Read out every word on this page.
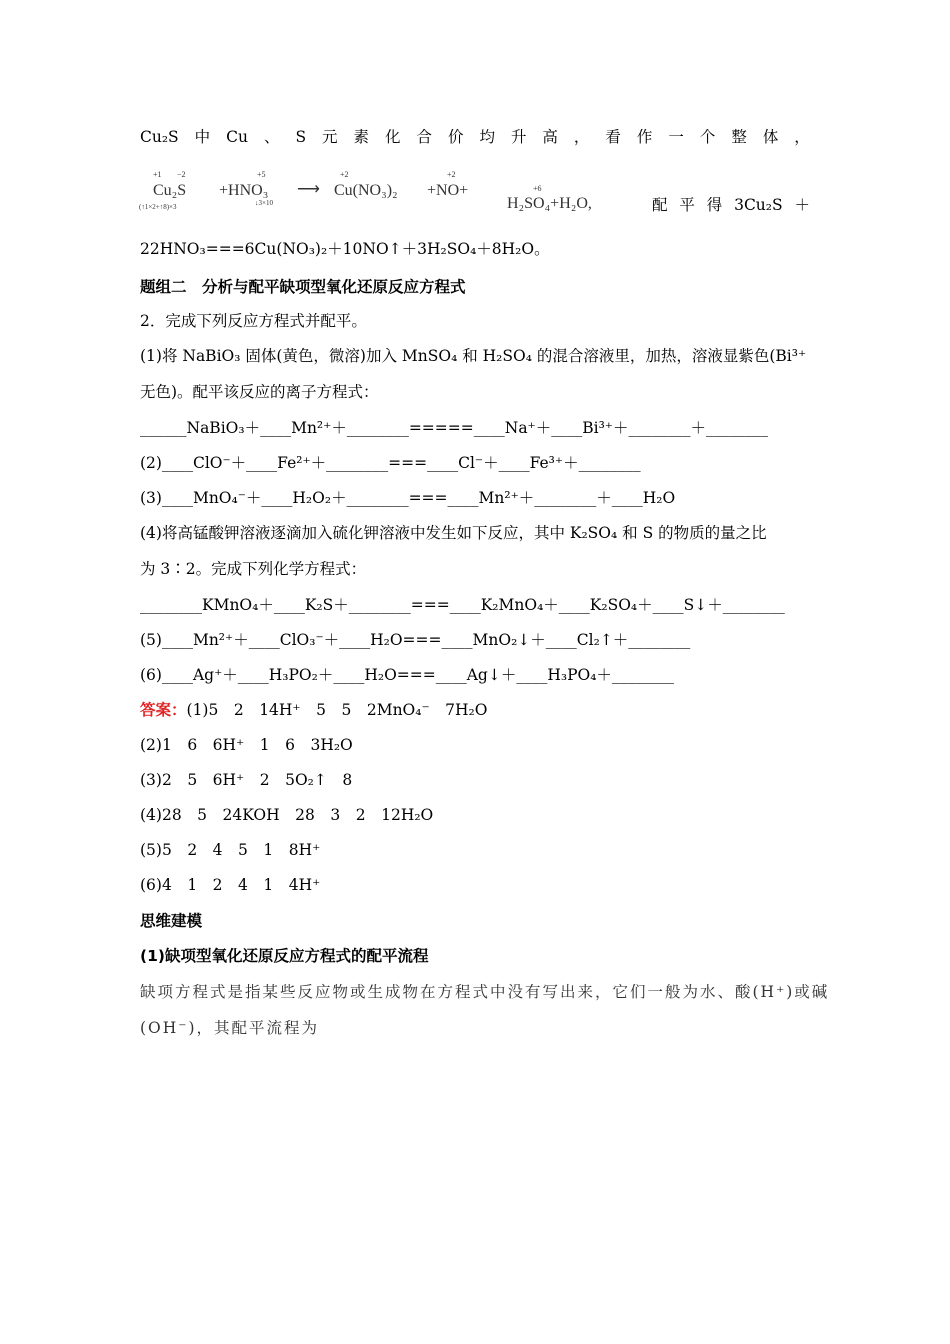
Cu₂S 中 Cu 、 S 元 素 化 合 价 均 升 高 ， 看 作 一 个 整 体 ，
+1 −2
Cu₂S
(↑1×2+↑8)×3
+5
+HNO₃
↓3×10
⟶
+2
Cu(NO₃)₂
+2
+NO+	+6
H₂SO₄+H₂O,	配 平 得 3Cu₂S ＋
22HNO₃===6Cu(NO₃)₂＋10NO↑＋3H₂SO₄＋8H₂O。
题组二　分析与配平缺项型氧化还原反应方程式
2．完成下列反应方程式并配平。
(1)将 NaBiO₃ 固体(黄色，微溶)加入 MnSO₄ 和 H₂SO₄ 的混合溶液里，加热，溶液显紫色(Bi³⁺
无色)。配平该反应的离子方程式：
______NaBiO₃＋____Mn²⁺＋________=====____Na⁺＋____Bi³⁺＋________＋________
(2)____ClO⁻＋____Fe²⁺＋________===____Cl⁻＋____Fe³⁺＋________
(3)____MnO₄⁻＋____H₂O₂＋________===____Mn²⁺＋________＋____H₂O
(4)将高锰酸钾溶液逐滴加入硫化钾溶液中发生如下反应，其中 K₂SO₄ 和 S 的物质的量之比
为 3∶2。完成下列化学方程式：
________KMnO₄＋____K₂S＋________===____K₂MnO₄＋____K₂SO₄＋____S↓＋________
(5)____Mn²⁺＋____ClO₃⁻＋____H₂O===____MnO₂↓＋____Cl₂↑＋________
(6)____Ag⁺＋____H₃PO₂＋____H₂O===____Ag↓＋____H₃PO₄＋________
答案：(1)5　2　14H⁺　5　5　2MnO₄⁻　7H₂O
(2)1　6　6H⁺　1　6　3H₂O
(3)2　5　6H⁺　2　5O₂↑　8
(4)28　5　24KOH　28　3　2　12H₂O
(5)5　2　4　5　1　8H⁺
(6)4　1　2　4　1　4H⁺
思维建模
(1)缺项型氧化还原反应方程式的配平流程
缺项方程式是指某些反应物或生成物在方程式中没有写出来，它们一般为水、酸(H⁺)或碱
(OH⁻)，其配平流程为
